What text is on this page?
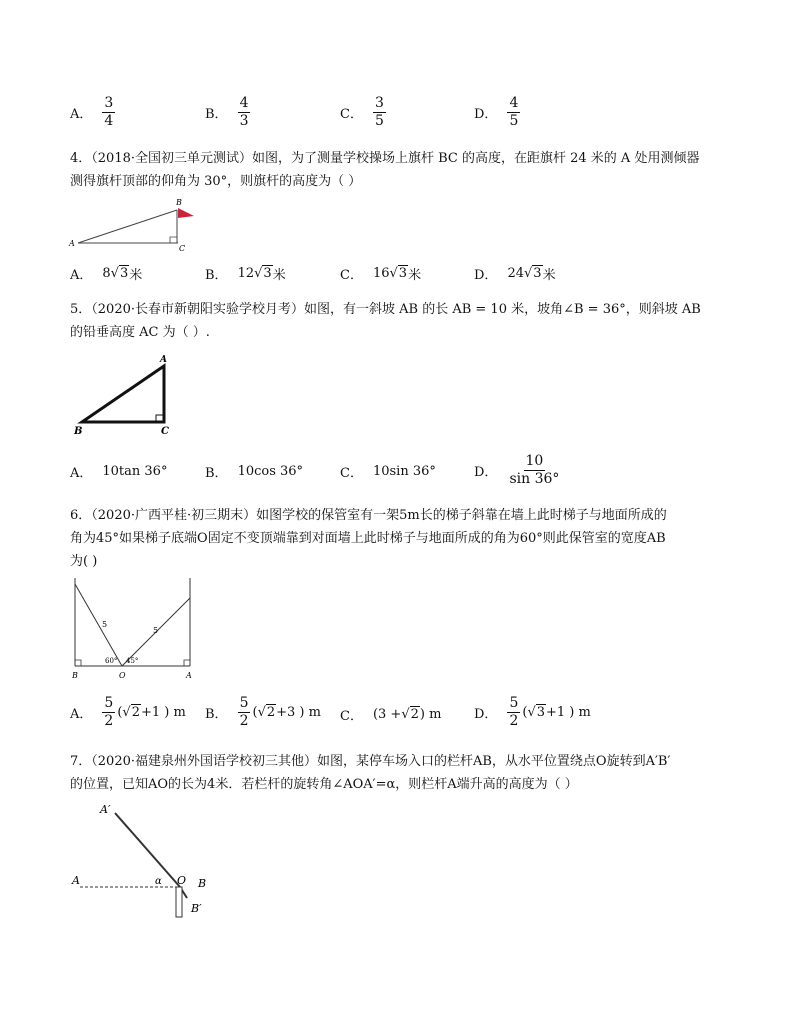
A． $\frac{3}{4}$	B． $\frac{4}{3}$	C． $\frac{3}{5}$	D． $\frac{4}{5}$
4．（2018·全国初三单元测试）如图，为了测量学校操场上旗杆 BC 的高度，在距旗杆 24 米的 A 处用测倾器
测得旗杆顶部的仰角为 30°，则旗杆的高度为（ ）
A
B
C
A． 8 √ 3 米	B． 12 √ 3 米	C． 16 √ 3 米	D． 24 √ 3 米
5．（2020·长春市新朝阳实验学校月考）如图，有一斜坡 AB 的长 AB = 10 米，坡角∠B = 36°，则斜坡 AB
的铅垂高度 AC 为（ ）.
A
B	C
A． 10tan 36°	B． 10cos 36°	C． 10sin 36°	D． $\frac{10}{\sin 36^\circ}$
6．（2020·广西平桂·初三期末）如图学校的保管室有一架5m长的梯子斜靠在墙上此时梯子与地面所成的
角为45°如果梯子底端O固定不变顶端靠到对面墙上此时梯子与地面所成的角为60°则此保管室的宽度AB
为( )
5
5
60° 45°
B	O	A
A． $\frac{5}{2}$ ( √ 2 +1 ) m B． $\frac{5}{2}$ ( √ 2 +3 ) m C． (3 + √ 2 ) m	D． $\frac{5}{2}$ ( √ 3 +1 ) m
7．（2020·福建泉州外国语学校初三其他）如图，某停车场入口的栏杆AB，从水平位置绕点O旋转到A′B′
的位置，已知AO的长为4米．若栏杆的旋转角∠AOA′=α，则栏杆A端升高的高度为（ ）
A′
A	α O B
B′
